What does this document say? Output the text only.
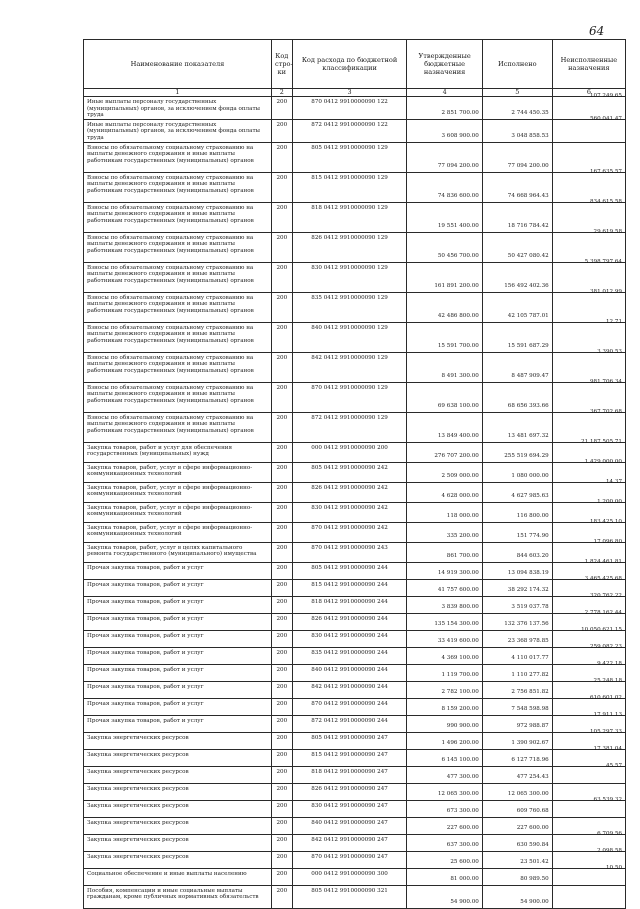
64
Наименование показателя	Код стро- ки	Код расхода по бюджетной классификации	Утвержденные бюджетные назначения	Исполнено	Неисполненные назначения
1	2	3	4	5	6
Иные выплаты персоналу государственных (муниципальных) органов, за исключением фонда оплаты труда	200	870 0412 9910000090 122	2 851 700.00	2 744 450.35	107 249.65
Иные выплаты персоналу государственных (муниципальных) органов, за исключением фонда оплаты труда	200	872 0412 9910000090 122	3 608 900.00	3 048 858.53	560 041.47
Взносы по обязательному социальному страхованию на выплаты денежного содержания и иные выплаты работникам государственных (муниципальных) органов	200	805 0412 9910000090 129	77 094 200.00	77 094 200.00	
Взносы по обязательному социальному страхованию на выплаты денежного содержания и иные выплаты работникам государственных (муниципальных) органов	200	815 0412 9910000090 129	74 836 600.00	74 668 964.43	167 635.57
Взносы по обязательному социальному страхованию на выплаты денежного содержания и иные выплаты работникам государственных (муниципальных) органов	200	818 0412 9910000090 129	19 551 400.00	18 716 784.42	834 615.58
Взносы по обязательному социальному страхованию на выплаты денежного содержания и иные выплаты работникам государственных (муниципальных) органов	200	826 0412 9910000090 129	50 456 700.00	50 427 080.42	29 619.58
Взносы по обязательному социальному страхованию на выплаты денежного содержания и иные выплаты работникам государственных (муниципальных) органов	200	830 0412 9910000090 129	161 891 200.00	156 492 402.36	5 398 797.64
Взносы по обязательному социальному страхованию на выплаты денежного содержания и иные выплаты работникам государственных (муниципальных) органов	200	835 0412 9910000090 129	42 486 800.00	42 105 787.01	381 012.99
Взносы по обязательному социальному страхованию на выплаты денежного содержания и иные выплаты работникам государственных (муниципальных) органов	200	840 0412 9910000090 129	15 591 700.00	15 591 687.29	12.71
Взносы по обязательному социальному страхованию на выплаты денежного содержания и иные выплаты работникам государственных (муниципальных) органов	200	842 0412 9910000090 129	8 491 300.00	8 487 909.47	3 390.53
Взносы по обязательному социальному страхованию на выплаты денежного содержания и иные выплаты работникам государственных (муниципальных) органов	200	870 0412 9910000090 129	69 638 100.00	68 656 393.66	981 706.34
Взносы по обязательному социальному страхованию на выплаты денежного содержания и иные выплаты работникам государственных (муниципальных) органов	200	872 0412 9910000090 129	13 849 400.00	13 481 697.32	367 702.68
Закупка товаров, работ и услуг для обеспечения государственных (муниципальных) нужд	200	000 0412 9910000090 200	276 707 200.00	255 519 694.29	21 187 505.71
Закупка товаров, работ, услуг в сфере информационно-коммуникационных технологий	200	805 0412 9910000090 242	2 509 000.00	1 080 000.00	1 429 000.00
Закупка товаров, работ, услуг в сфере информационно-коммуникационных технологий	200	826 0412 9910000090 242	4 628 000.00	4 627 985.63	14.37
Закупка товаров, работ, услуг в сфере информационно-коммуникационных технологий	200	830 0412 9910000090 242	118 000.00	116 800.00	1 200.00
Закупка товаров, работ, услуг в сфере информационно-коммуникационных технологий	200	870 0412 9910000090 242	335 200.00	151 774.90	183 425.10
Закупка товаров, работ, услуг в целях капитального ремонта государственного (муниципального) имущества	200	870 0412 9910000090 243	861 700.00	844 603.20	17 096.80
Прочая закупка товаров, работ и услуг	200	805 0412 9910000090 244	14 919 300.00	13 094 838.19	1 824 461.81
Прочая закупка товаров, работ и услуг	200	815 0412 9910000090 244	41 757 600.00	38 292 174.32	3 465 425.68
Прочая закупка товаров, работ и услуг	200	818 0412 9910000090 244	3 839 800.00	3 519 037.78	320 762.22
Прочая закупка товаров, работ и услуг	200	826 0412 9910000090 244	135 154 300.00	132 376 137.56	2 778 162.44
Прочая закупка товаров, работ и услуг	200	830 0412 9910000090 244	33 419 600.00	23 368 978.85	10 050 621.15
Прочая закупка товаров, работ и услуг	200	835 0412 9910000090 244	4 369 100.00	4 110 017.77	259 082.23
Прочая закупка товаров, работ и услуг	200	840 0412 9910000090 244	1 119 700.00	1 110 277.82	9 422.18
Прочая закупка товаров, работ и услуг	200	842 0412 9910000090 244	2 782 100.00	2 756 851.82	25 248.18
Прочая закупка товаров, работ и услуг	200	870 0412 9910000090 244	8 159 200.00	7 548 598.98	610 601.02
Прочая закупка товаров, работ и услуг	200	872 0412 9910000090 244	990 900.00	972 988.87	17 911.13
Закупка энергетических ресурсов	200	805 0412 9910000090 247	1 496 200.00	1 390 902.67	105 297.33
Закупка энергетических ресурсов	200	815 0412 9910000090 247	6 145 100.00	6 127 718.96	17 381.04
Закупка энергетических ресурсов	200	818 0412 9910000090 247	477 300.00	477 254.43	45.57
Закупка энергетических ресурсов	200	826 0412 9910000090 247	12 065 300.00	12 065 300.00	
Закупка энергетических ресурсов	200	830 0412 9910000090 247	673 300.00	609 760.68	63 539.32
Закупка энергетических ресурсов	200	840 0412 9910000090 247	227 600.00	227 600.00	
Закупка энергетических ресурсов	200	842 0412 9910000090 247	637 300.00	630 590.84	6 709.56
Закупка энергетических ресурсов	200	870 0412 9910000090 247	25 600.00	23 501.42	2 098.58
Социальное обеспечение и иные выплаты населению	200	000 0412 9910000090 300	81 000.00	80 989.50	10.50
Пособия, компенсации и иные социальные выплаты гражданам, кроме публичных нормативных обязательств	200	805 0412 9910000090 321	54 900.00	54 900.00	
